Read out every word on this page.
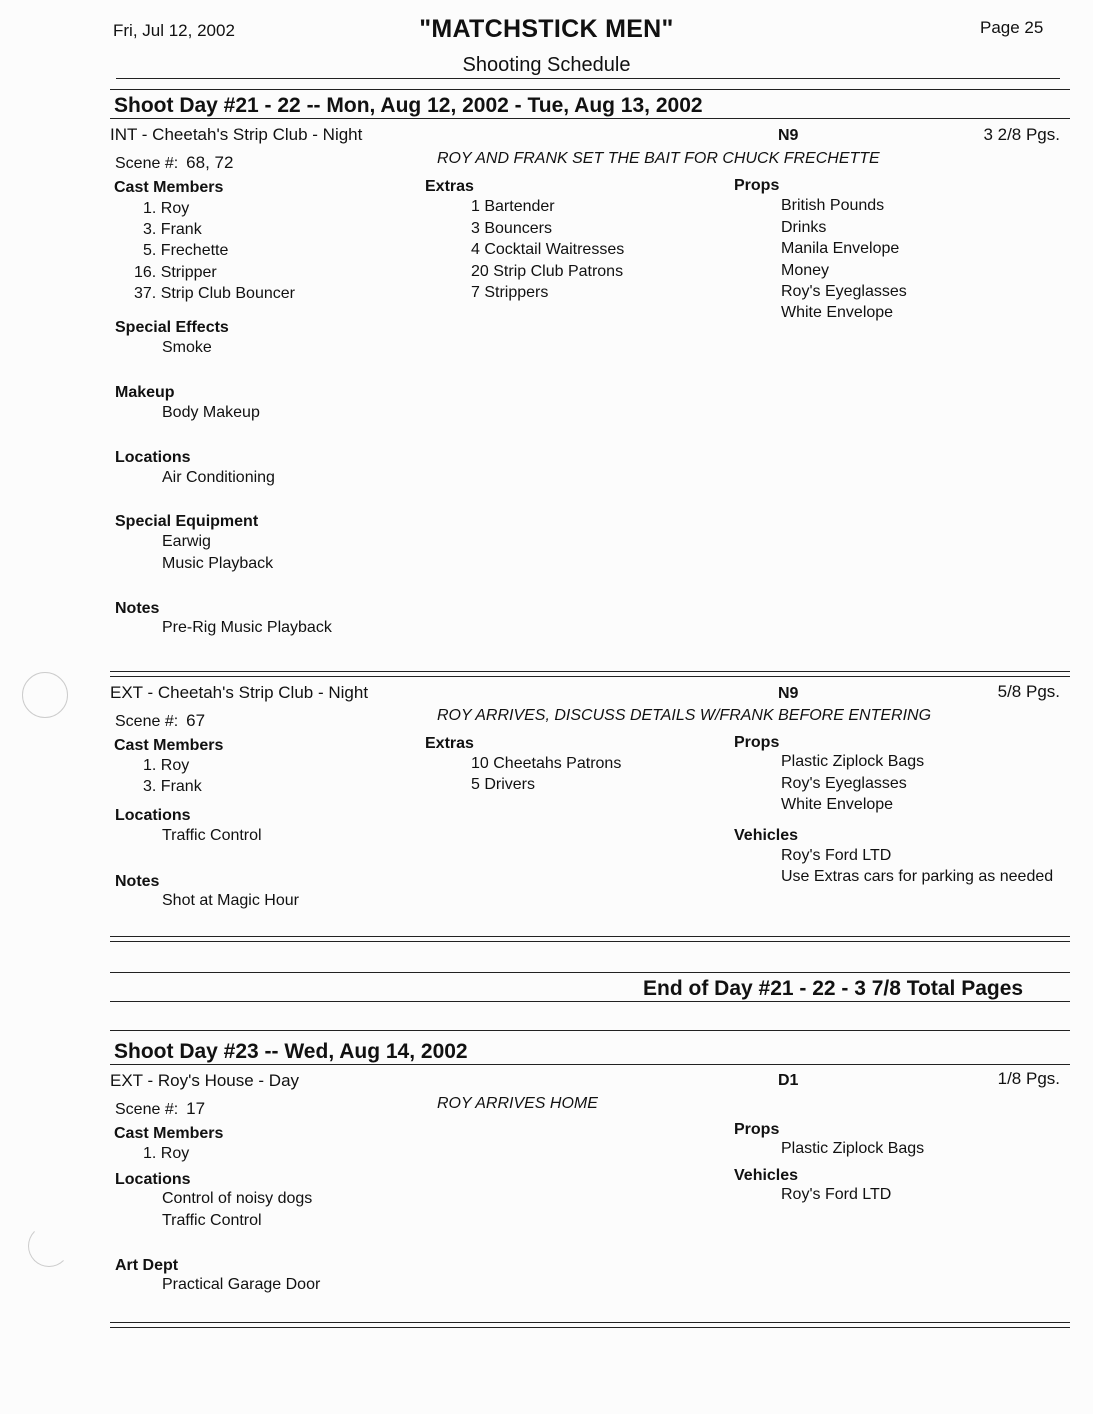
Fri, Jul 12, 2002	"MATCHSTICK MEN"
Shooting Schedule
Page 25
Shoot Day #21 - 22 -- Mon, Aug 12, 2002 - Tue, Aug 13, 2002
INT - Cheetah's Strip Club - Night	N9	3 2/8 Pgs.
Scene #: 68, 72	ROY AND FRANK SET THE BAIT FOR CHUCK FRECHETTE
Cast Members
1. Roy
3. Frank
5. Frechette
16. Stripper
37. Strip Club Bouncer
Extras
1 Bartender
3 Bouncers
4 Cocktail Waitresses
20 Strip Club Patrons
7 Strippers
Props
British Pounds
Drinks
Manila Envelope
Money
Roy's Eyeglasses
White Envelope
Special Effects
Smoke
Makeup
Body Makeup
Locations
Air Conditioning
Special Equipment
Earwig
Music Playback
Notes
Pre-Rig Music Playback
EXT - Cheetah's Strip Club - Night	N9	5/8 Pgs.
Scene #: 67	ROY ARRIVES, DISCUSS DETAILS W/FRANK BEFORE ENTERING
Cast Members
1. Roy
3. Frank
Extras
10 Cheetahs Patrons
5 Drivers
Props
Plastic Ziplock Bags
Roy's Eyeglasses
White Envelope
Locations
Traffic Control	Vehicles
Roy's Ford LTD
Use Extras cars for parking as needed
Notes
Shot at Magic Hour
End of Day #21 - 22 - 3 7/8 Total Pages
Shoot Day #23 -- Wed, Aug 14, 2002
EXT - Roy's House - Day	D1	1/8 Pgs.
Scene #: 17	ROY ARRIVES HOME
Cast Members
1. Roy
Props
Plastic Ziplock Bags
Vehicles
Roy's Ford LTD
Locations
Control of noisy dogs
Traffic Control
Art Dept
Practical Garage Door
